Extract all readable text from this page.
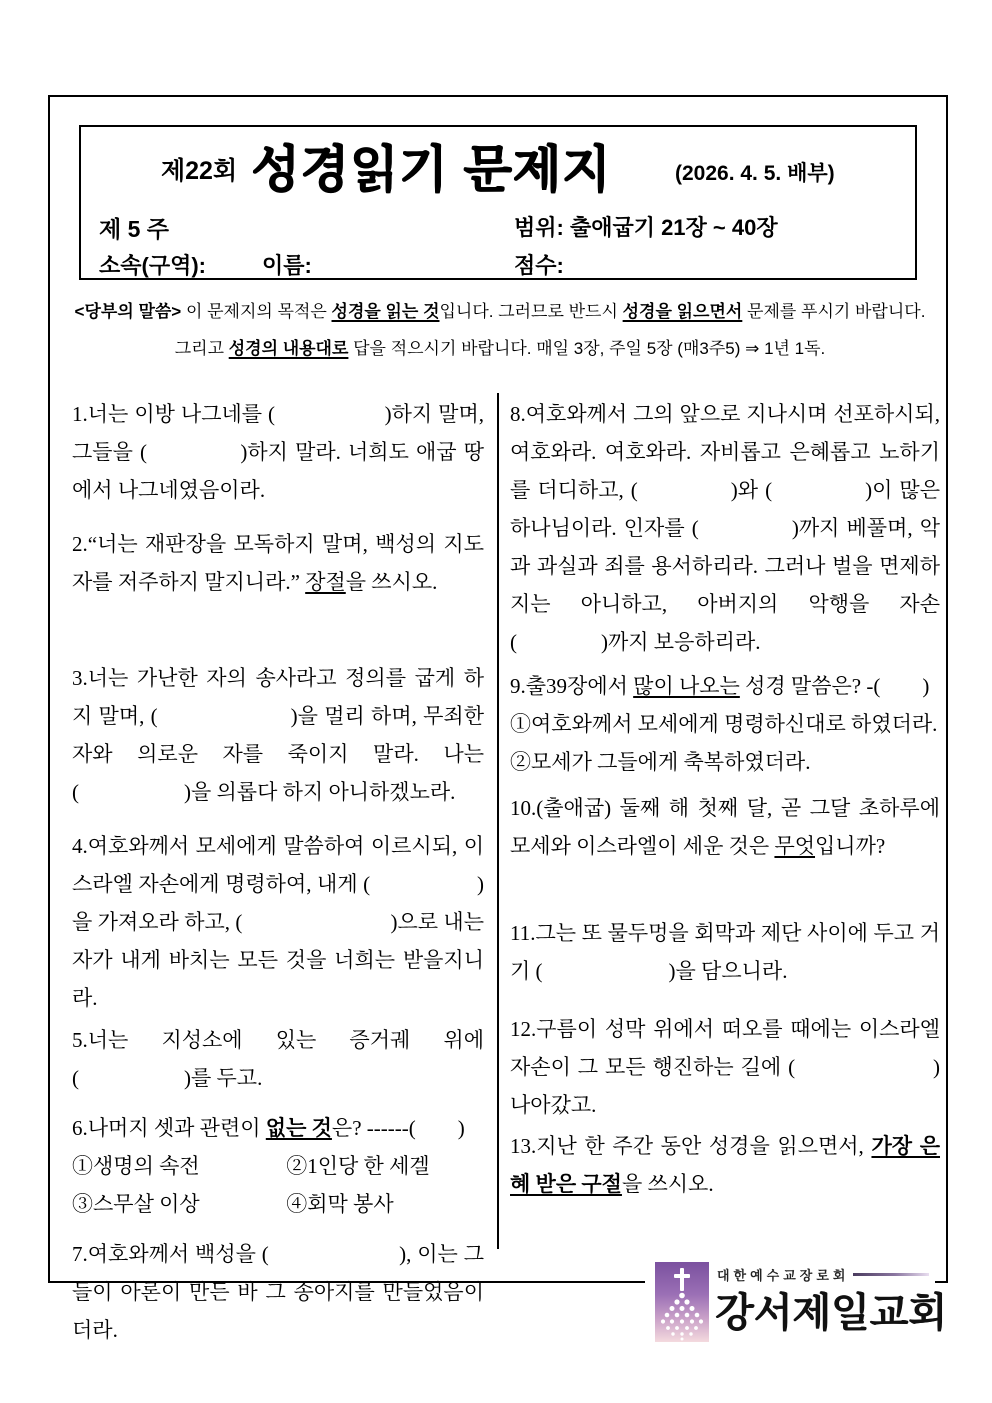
제22회 성경읽기 문제지	(2026. 4. 5. 배부)
제 5 주	범위: 출애굽기 21장 ~ 40장
소속(구역):	이름:	점수:
<당부의 말씀> 이 문제지의 목적은 성경을 읽는 것입니다. 그러므로 반드시 성경을 읽으면서 문제를 푸시기 바랍니다.
그리고 성경의 내용대로 답을 적으시기 바랍니다. 매일 3장, 주일 5장 (매3주5) ⇒ 1년 1독.
1.너는 이방 나그네를 (　　　　　)하지 말며, 그들을 (　　　　)하지 말라. 너희도 애굽 땅에서 나그네였음이라.
2.“너는 재판장을 모독하지 말며, 백성의 지도자를 저주하지 말지니라.” 장절을 쓰시오.
3.너는 가난한 자의 송사라고 정의를 굽게 하지 말며, (　　　　　　)을 멀리 하며, 무죄한 자와 의로운 자를 죽이지 말라. 나는 (　　　　　)을 의롭다 하지 아니하겠노라.
4.여호와께서 모세에게 말씀하여 이르시되, 이스라엘 자손에게 명령하여, 내게 (　　　　　)을 가져오라 하고, (　　　　　　　)으로 내는 자가 내게 바치는 모든 것을 너희는 받을지니라.
5.너는 지성소에 있는 증거궤 위에 (　　　　　)를 두고.
6.나머지 셋과 관련이 없는 것은? ------(　　)
①생명의 속전	②1인당 한 세겔
③스무살 이상	④회막 봉사
7.여호와께서 백성을 (　　　　　　), 이는 그들이 아론이 만든 바 그 송아지를 만들었음이더라.
8.여호와께서 그의 앞으로 지나시며 선포하시되, 여호와라. 여호와라. 자비롭고 은혜롭고 노하기를 더디하고, (　　　　)와 (　　　　)이 많은 하나님이라. 인자를 (　　　　)까지 베풀며, 악과 과실과 죄를 용서하리라. 그러나 벌을 면제하지는 아니하고, 아버지의 악행을 자손 (　　　　)까지 보응하리라.
9.출39장에서 많이 나오는 성경 말씀은? -(　　)
①여호와께서 모세에게 명령하신대로 하였더라.
②모세가 그들에게 축복하였더라.
10.(출애굽) 둘째 해 첫째 달, 곧 그달 초하루에 모세와 이스라엘이 세운 것은 무엇입니까?
11.그는 또 물두멍을 회막과 제단 사이에 두고 거기 (　　　　　　)을 담으니라.
12.구름이 성막 위에서 떠오를 때에는 이스라엘 자손이 그 모든 행진하는 길에 (　　　　　　) 나아갔고.
13.지난 한 주간 동안 성경을 읽으면서, 가장 은혜 받은 구절을 쓰시오.
대한예수교장로회
강서제일교회
